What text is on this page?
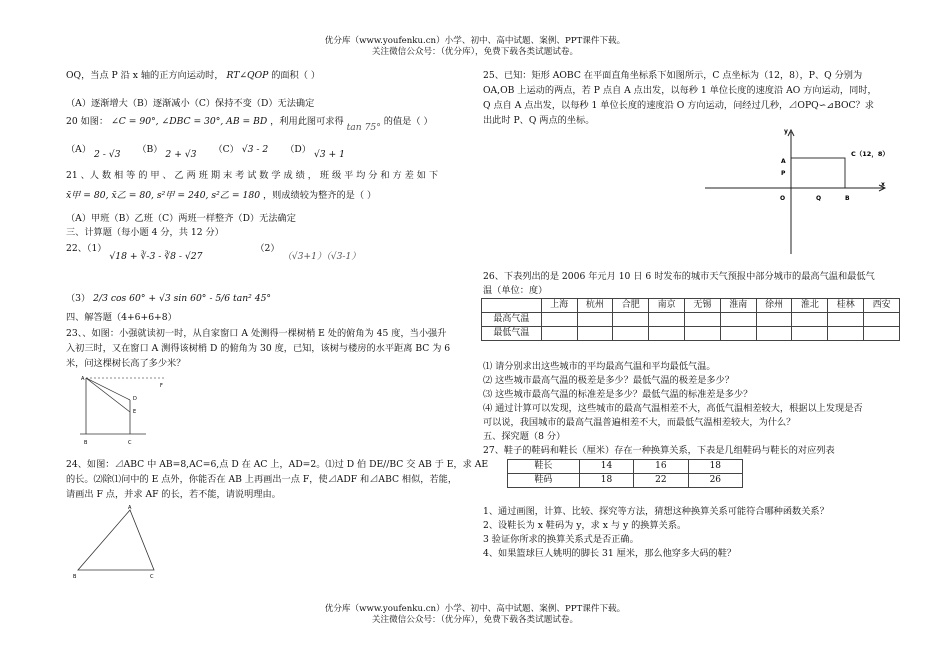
优分库（www.youfenku.cn）小学、初中、高中试题、案例、PPT课件下载。
关注微信公众号：（优分库），免费下载各类试题试卷。
OQ，当点 P 沿 x 轴的正方向运动时， RT∠QOP 的面积（ ）
（A）逐渐增大（B）逐渐减小（C）保持不变（D）无法确定
20 如图： ∠C = 90°, ∠DBC = 30°, AB = BD ，利用此图可求得 tan 75° 的值是（ ）
（A） 2 - √3 （B） 2 + √3 （C） √3 - 2 （D） √3 + 1
21 、人 数 相 等 的 甲 、 乙 两 班 期 末 考 试 数 学 成 绩 ， 班 级 平 均 分 和 方 差 如 下
x̄甲 = 80, x̄乙 = 80, s²甲 = 240, s²乙 = 180 ，则成绩较为整齐的是（ ）
（A）甲班（B）乙班（C）两班一样整齐（D）无法确定
三、计算题（每小题 4 分，共 12 分）
22、（1） √18 + ∛-3 - ∛8 - √27 （2） （√3+1）（√3-1）
（3） 2/3 cos 60° + √3 sin 60° - 5/6 tan² 45°
四、解答题（4+6+6+8）
23、、如图：小强就读初一时，从自家窗口 A 处测得一棵树梢 E 处的俯角为 45 度，当小强升
入初三时，又在窗口 A 测得该树梢 D 的俯角为 30 度，已知，该树与楼房的水平距离 BC 为 6
米，问这棵树长高了多少米？
A
F
D
E
B	C
24、如图：⊿ABC 中 AB=8,AC=6,点 D 在 AC 上，AD=2。⑴过 D 伯 DE//BC 交 AB 于 E，求 AE
的长。⑵除⑴问中的 E 点外，你能否在 AB 上再画出一点 F，使⊿ADF 和⊿ABC 相似，若能，
请画出 F 点，并求 AF 的长，若不能，请说明理由。
A
B	C
25、已知：矩形 AOBC 在平面直角坐标系下如图所示，C 点坐标为（12，8），P、Q 分别为
OA,OB 上运动的两点，若 P 点自 A 点出发，以每秒 1 单位长度的速度沿 AO 方向运动，同时，
Q 点自 A 点出发，以每秒 1 单位长度的速度沿 O 方向运动，问经过几秒，⊿OPQ∽⊿BOC？求
出此时 P、Q 两点的坐标。
y
x
O
A
P
Q	B
C（12，8）
26、下表列出的是 2006 年元月 10 日 6 时发布的城市天气预报中部分城市的最高气温和最低气
温（单位：度）
	上海	杭州	合肥	南京	无锡	淮南	徐州	淮北	桂林	西安
最高气温										
最低气温										
⑴ 请分别求出这些城市的平均最高气温和平均最低气温。
⑵ 这些城市最高气温的极差是多少？最低气温的极差是多少？
⑶ 这些城市最高气温的标准差是多少？最低气温的标准差是多少？
⑷ 通过计算可以发现，这些城市的最高气温相差不大，高低气温相差较大，根据以上发现是否
可以说，我国城市的最高气温普遍相差不大，而最低气温相差较大，为什么？
五、探究题（8 分）
27、鞋子的鞋码和鞋长（厘米）存在一种换算关系，下表是几组鞋码与鞋长的对应列表
鞋长	14	16	18
鞋码	18	22	26
1、通过画图，计算、比较、探究等方法，猜想这种换算关系可能符合哪种函数关系？
2、设鞋长为 x 鞋码为 y，求 x 与 y 的换算关系。
3 验证你所求的换算关系式是否正确。
4、如果篮球巨人姚明的脚长 31 厘米，那么他穿多大码的鞋？
优分库（www.youfenku.cn）小学、初中、高中试题、案例、PPT课件下载。
关注微信公众号：（优分库），免费下载各类试题试卷。
